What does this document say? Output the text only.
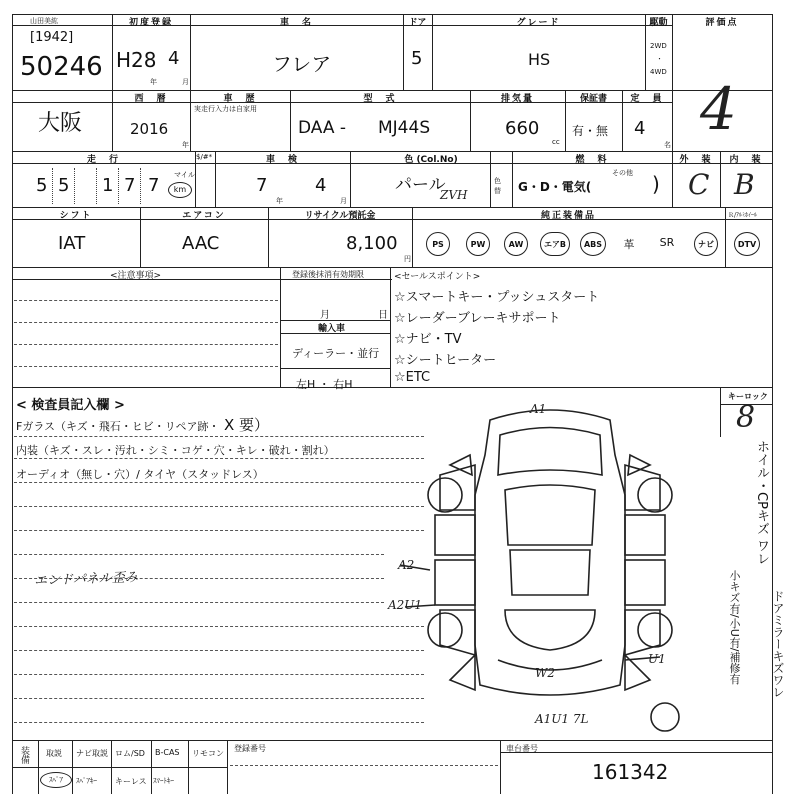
山田美紘
[1942]
50246
初度登録
H28 4
年	月
車　名
フレア
ドア
5
グレード
HS
駆動
2WD
・
4WD
評価点
4
大阪
西　暦
2016
年
車　歴
実走行入力は自家用
型　式
DAA - MJ44S
排気量
660
cc
保証書
有・無
定　員
4
名
走　行
5 5 1 7 7 マイル
km
$/#*	車　検
7
年
4
月
色 (Col.No)
パール
ZVH
色替
燃　料
G・D・電気(
その他 )
外　装
C
内　装
B
シフト
IAT
エアコン
AAC
リサイクル預託金
8,100
円
純正装備品
PS	PW	AW	エアB	ABS	革	SR	ナビ
Ｒ/ｱﾙﾐﾎｲｰﾙ
DTV
<注意事項>	登録後抹消有効期限
月	日
輸入車
ディーラー・並行
左H ・ 右H
<セールスポイント>
☆スマートキー・プッシュスタート
☆レーダーブレーキサポート
☆ナビ・TV
☆シートヒーター
☆ETC
< 検査員記入欄 >
Fガラス（キズ・飛石・ヒビ・リペア跡・ X 要）
内装（キズ・スレ・汚れ・シミ・コゲ・穴・キレ・破れ・割れ）
オーディオ（無し・穴）/ タイヤ（スタッドレス）
エンドパネル歪み
キーロック
8
ホイル・CPキズ ワレ
ドアミラーキズワレ
小キズ有/小U有/補修有
A1
A2
A2U1
U1
W2
A1U1 7L
装備 取説 ナビ取説 ロム/SD B-CAS リモコン
ｽﾍﾟｱ	ｽﾍﾟｱｷｰ キーレス ｽﾏｰﾄｷｰ
登録番号	車台番号
161342
